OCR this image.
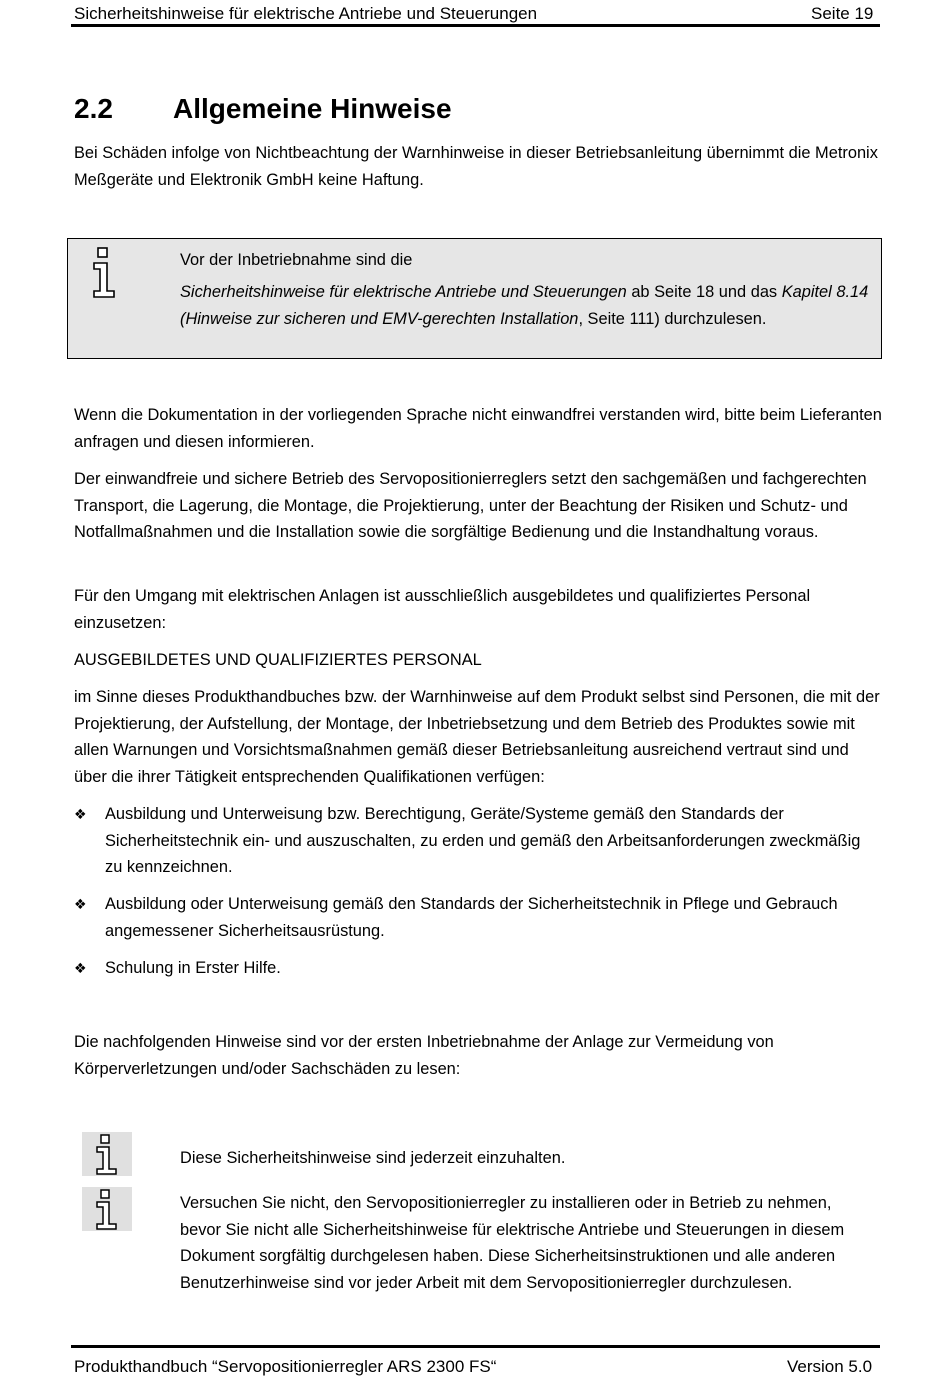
Sicherheitshinweise für elektrische Antriebe und Steuerungen	Seite 19
2.2 Allgemeine Hinweise
Bei Schäden infolge von Nichtbeachtung der Warnhinweise in dieser Betriebsanleitung übernimmt die Metronix Meßgeräte und Elektronik GmbH keine Haftung.
Vor der Inbetriebnahme sind die
Sicherheitshinweise für elektrische Antriebe und Steuerungen ab Seite 18 und das Kapitel 8.14 (Hinweise zur sicheren und EMV-gerechten Installation, Seite 111) durchzulesen.
Wenn die Dokumentation in der vorliegenden Sprache nicht einwandfrei verstanden wird, bitte beim Lieferanten anfragen und diesen informieren.
Der einwandfreie und sichere Betrieb des Servopositionierreglers setzt den sachgemäßen und fachgerechten Transport, die Lagerung, die Montage, die Projektierung, unter der Beachtung der Risiken und Schutz- und Notfallmaßnahmen und die Installation sowie die sorgfältige Bedienung und die Instandhaltung voraus.
Für den Umgang mit elektrischen Anlagen ist ausschließlich ausgebildetes und qualifiziertes Personal einzusetzen:
AUSGEBILDETES UND QUALIFIZIERTES PERSONAL
im Sinne dieses Produkthandbuches bzw. der Warnhinweise auf dem Produkt selbst sind Personen, die mit der Projektierung, der Aufstellung, der Montage, der Inbetriebsetzung und dem Betrieb des Produktes sowie mit allen Warnungen und Vorsichtsmaßnahmen gemäß dieser Betriebsanleitung ausreichend vertraut sind und über die ihrer Tätigkeit entsprechenden Qualifikationen verfügen:
❖ Ausbildung und Unterweisung bzw. Berechtigung, Geräte/Systeme gemäß den Standards der Sicherheitstechnik ein- und auszuschalten, zu erden und gemäß den Arbeitsanforderungen zweckmäßig zu kennzeichnen.
❖ Ausbildung oder Unterweisung gemäß den Standards der Sicherheitstechnik in Pflege und Gebrauch angemessener Sicherheitsausrüstung.
❖ Schulung in Erster Hilfe.
Die nachfolgenden Hinweise sind vor der ersten Inbetriebnahme der Anlage zur Vermeidung von Körperverletzungen und/oder Sachschäden zu lesen:
Diese Sicherheitshinweise sind jederzeit einzuhalten.
Versuchen Sie nicht, den Servopositionierregler zu installieren oder in Betrieb zu nehmen, bevor Sie nicht alle Sicherheitshinweise für elektrische Antriebe und Steuerungen in diesem Dokument sorgfältig durchgelesen haben. Diese Sicherheitsinstruktionen und alle anderen Benutzerhinweise sind vor jeder Arbeit mit dem Servopositionierregler durchzulesen.
Produkthandbuch “Servopositionierregler ARS 2300 FS“	Version 5.0
